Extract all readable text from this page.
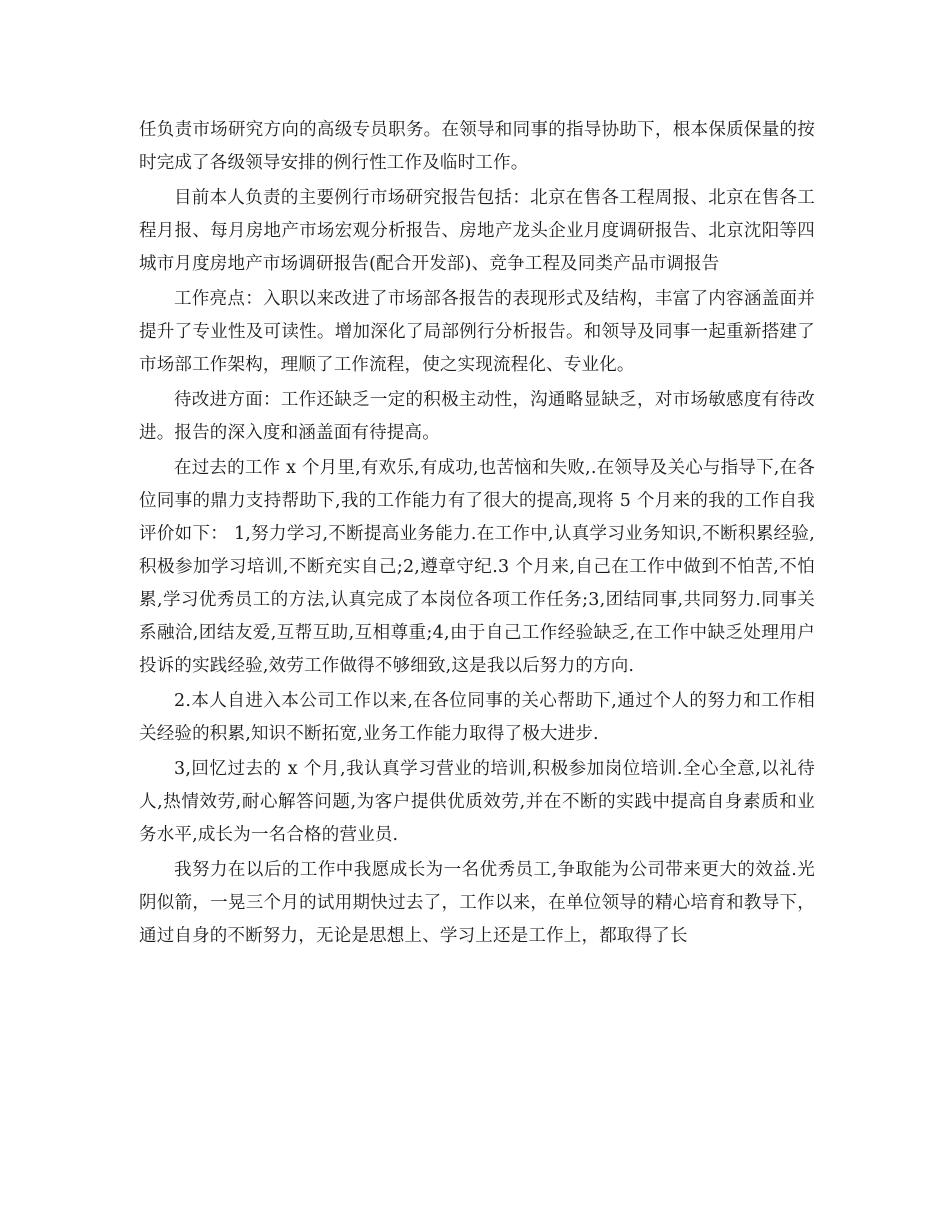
任负责市场研究方向的高级专员职务。在领导和同事的指导协助下，根本保质保量的按时完成了各级领导安排的例行性工作及临时工作。

目前本人负责的主要例行市场研究报告包括：北京在售各工程周报、北京在售各工程月报、每月房地产市场宏观分析报告、房地产龙头企业月度调研报告、北京沈阳等四城市月度房地产市场调研报告(配合开发部)、竞争工程及同类产品市调报告

工作亮点：入职以来改进了市场部各报告的表现形式及结构，丰富了内容涵盖面并提升了专业性及可读性。增加深化了局部例行分析报告。和领导及同事一起重新搭建了市场部工作架构，理顺了工作流程，使之实现流程化、专业化。

待改进方面：工作还缺乏一定的积极主动性，沟通略显缺乏，对市场敏感度有待改进。报告的深入度和涵盖面有待提高。

在过去的工作 x 个月里,有欢乐,有成功,也苦恼和失败,.在领导及关心与指导下,在各位同事的鼎力支持帮助下,我的工作能力有了很大的提高,现将 5 个月来的我的工作自我评价如下： 1,努力学习,不断提高业务能力.在工作中,认真学习业务知识,不断积累经验,积极参加学习培训,不断充实自己;2,遵章守纪.3 个月来,自己在工作中做到不怕苦,不怕累,学习优秀员工的方法,认真完成了本岗位各项工作任务;3,团结同事,共同努力.同事关系融洽,团结友爱,互帮互助,互相尊重;4,由于自己工作经验缺乏,在工作中缺乏处理用户投诉的实践经验,效劳工作做得不够细致,这是我以后努力的方向.

2.本人自进入本公司工作以来,在各位同事的关心帮助下,通过个人的努力和工作相关经验的积累,知识不断拓宽,业务工作能力取得了极大进步.

3,回忆过去的 x 个月,我认真学习营业的培训,积极参加岗位培训.全心全意,以礼待人,热情效劳,耐心解答问题,为客户提供优质效劳,并在不断的实践中提高自身素质和业务水平,成长为一名合格的营业员.

我努力在以后的工作中我愿成长为一名优秀员工,争取能为公司带来更大的效益.光阴似箭，一晃三个月的试用期快过去了，工作以来，在单位领导的精心培育和教导下，通过自身的不断努力，无论是思想上、学习上还是工作上，都取得了长
